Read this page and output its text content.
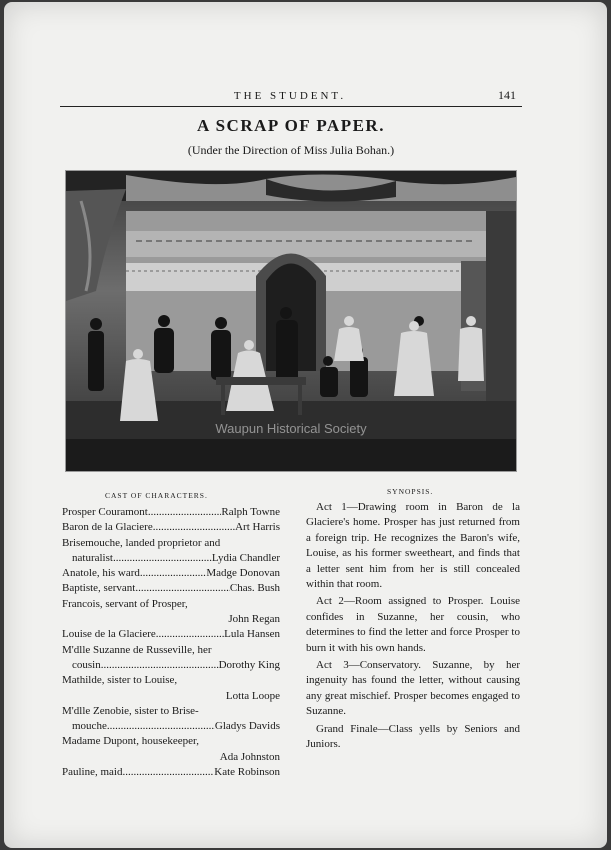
THE STUDENT.	141
A SCRAP OF PAPER.
(Under the Direction of Miss Julia Bohan.)
Waupun Historical Society
CAST OF CHARACTERS.	SYNOPSIS.
Prosper Couramont .....	Ralph Towne
Baron de la Glaciere .....	Art Harris
Brisemouche, landed proprietor and
naturalist .....	Lydia Chandler
Anatole, his ward .....	Madge Donovan
Baptiste, servant .....	Chas. Bush
Francois, servant of Prosper,
John Regan
Louise de la Glaciere .....	Lula Hansen
M'dlle Suzanne de Russeville, her
cousin .....	Dorothy King
Mathilde, sister to Louise,
Lotta Loope
M'dlle Zenobie, sister to Brise-
mouche .....	Gladys Davids
Madame Dupont, housekeeper,
Ada Johnston
Pauline, maid .....	Kate Robinson

Act 1—Drawing room in Baron de la Glaciere's home. Prosper has just returned from a foreign trip. He recognizes the Baron's wife, Louise, as his former sweetheart, and finds that a letter sent him from her is still concealed within that room.

Act 2—Room assigned to Prosper. Louise confides in Suzanne, her cousin, who determines to find the letter and force Prosper to burn it with his own hands.

Act 3—Conservatory. Suzanne, by her ingenuity has found the letter, without causing any great mischief. Prosper becomes engaged to Suzanne.

Grand Finale—Class yells by Seniors and Juniors.
